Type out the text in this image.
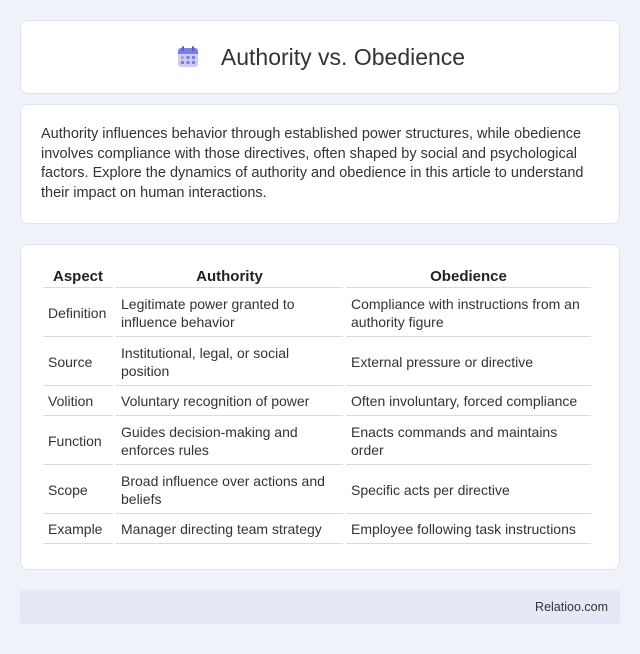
Authority vs. Obedience

Authority influences behavior through established power structures, while obedience involves compliance with those directives, often shaped by social and psychological factors. Explore the dynamics of authority and obedience in this article to understand their impact on human interactions.

Aspect	Authority	Obedience
Definition	Legitimate power granted to influence behavior	Compliance with instructions from an authority figure
Source	Institutional, legal, or social position	External pressure or directive
Volition	Voluntary recognition of power	Often involuntary, forced compliance
Function	Guides decision-making and enforces rules	Enacts commands and maintains order
Scope	Broad influence over actions and beliefs	Specific acts per directive
Example	Manager directing team strategy	Employee following task instructions
Relatioo.com
